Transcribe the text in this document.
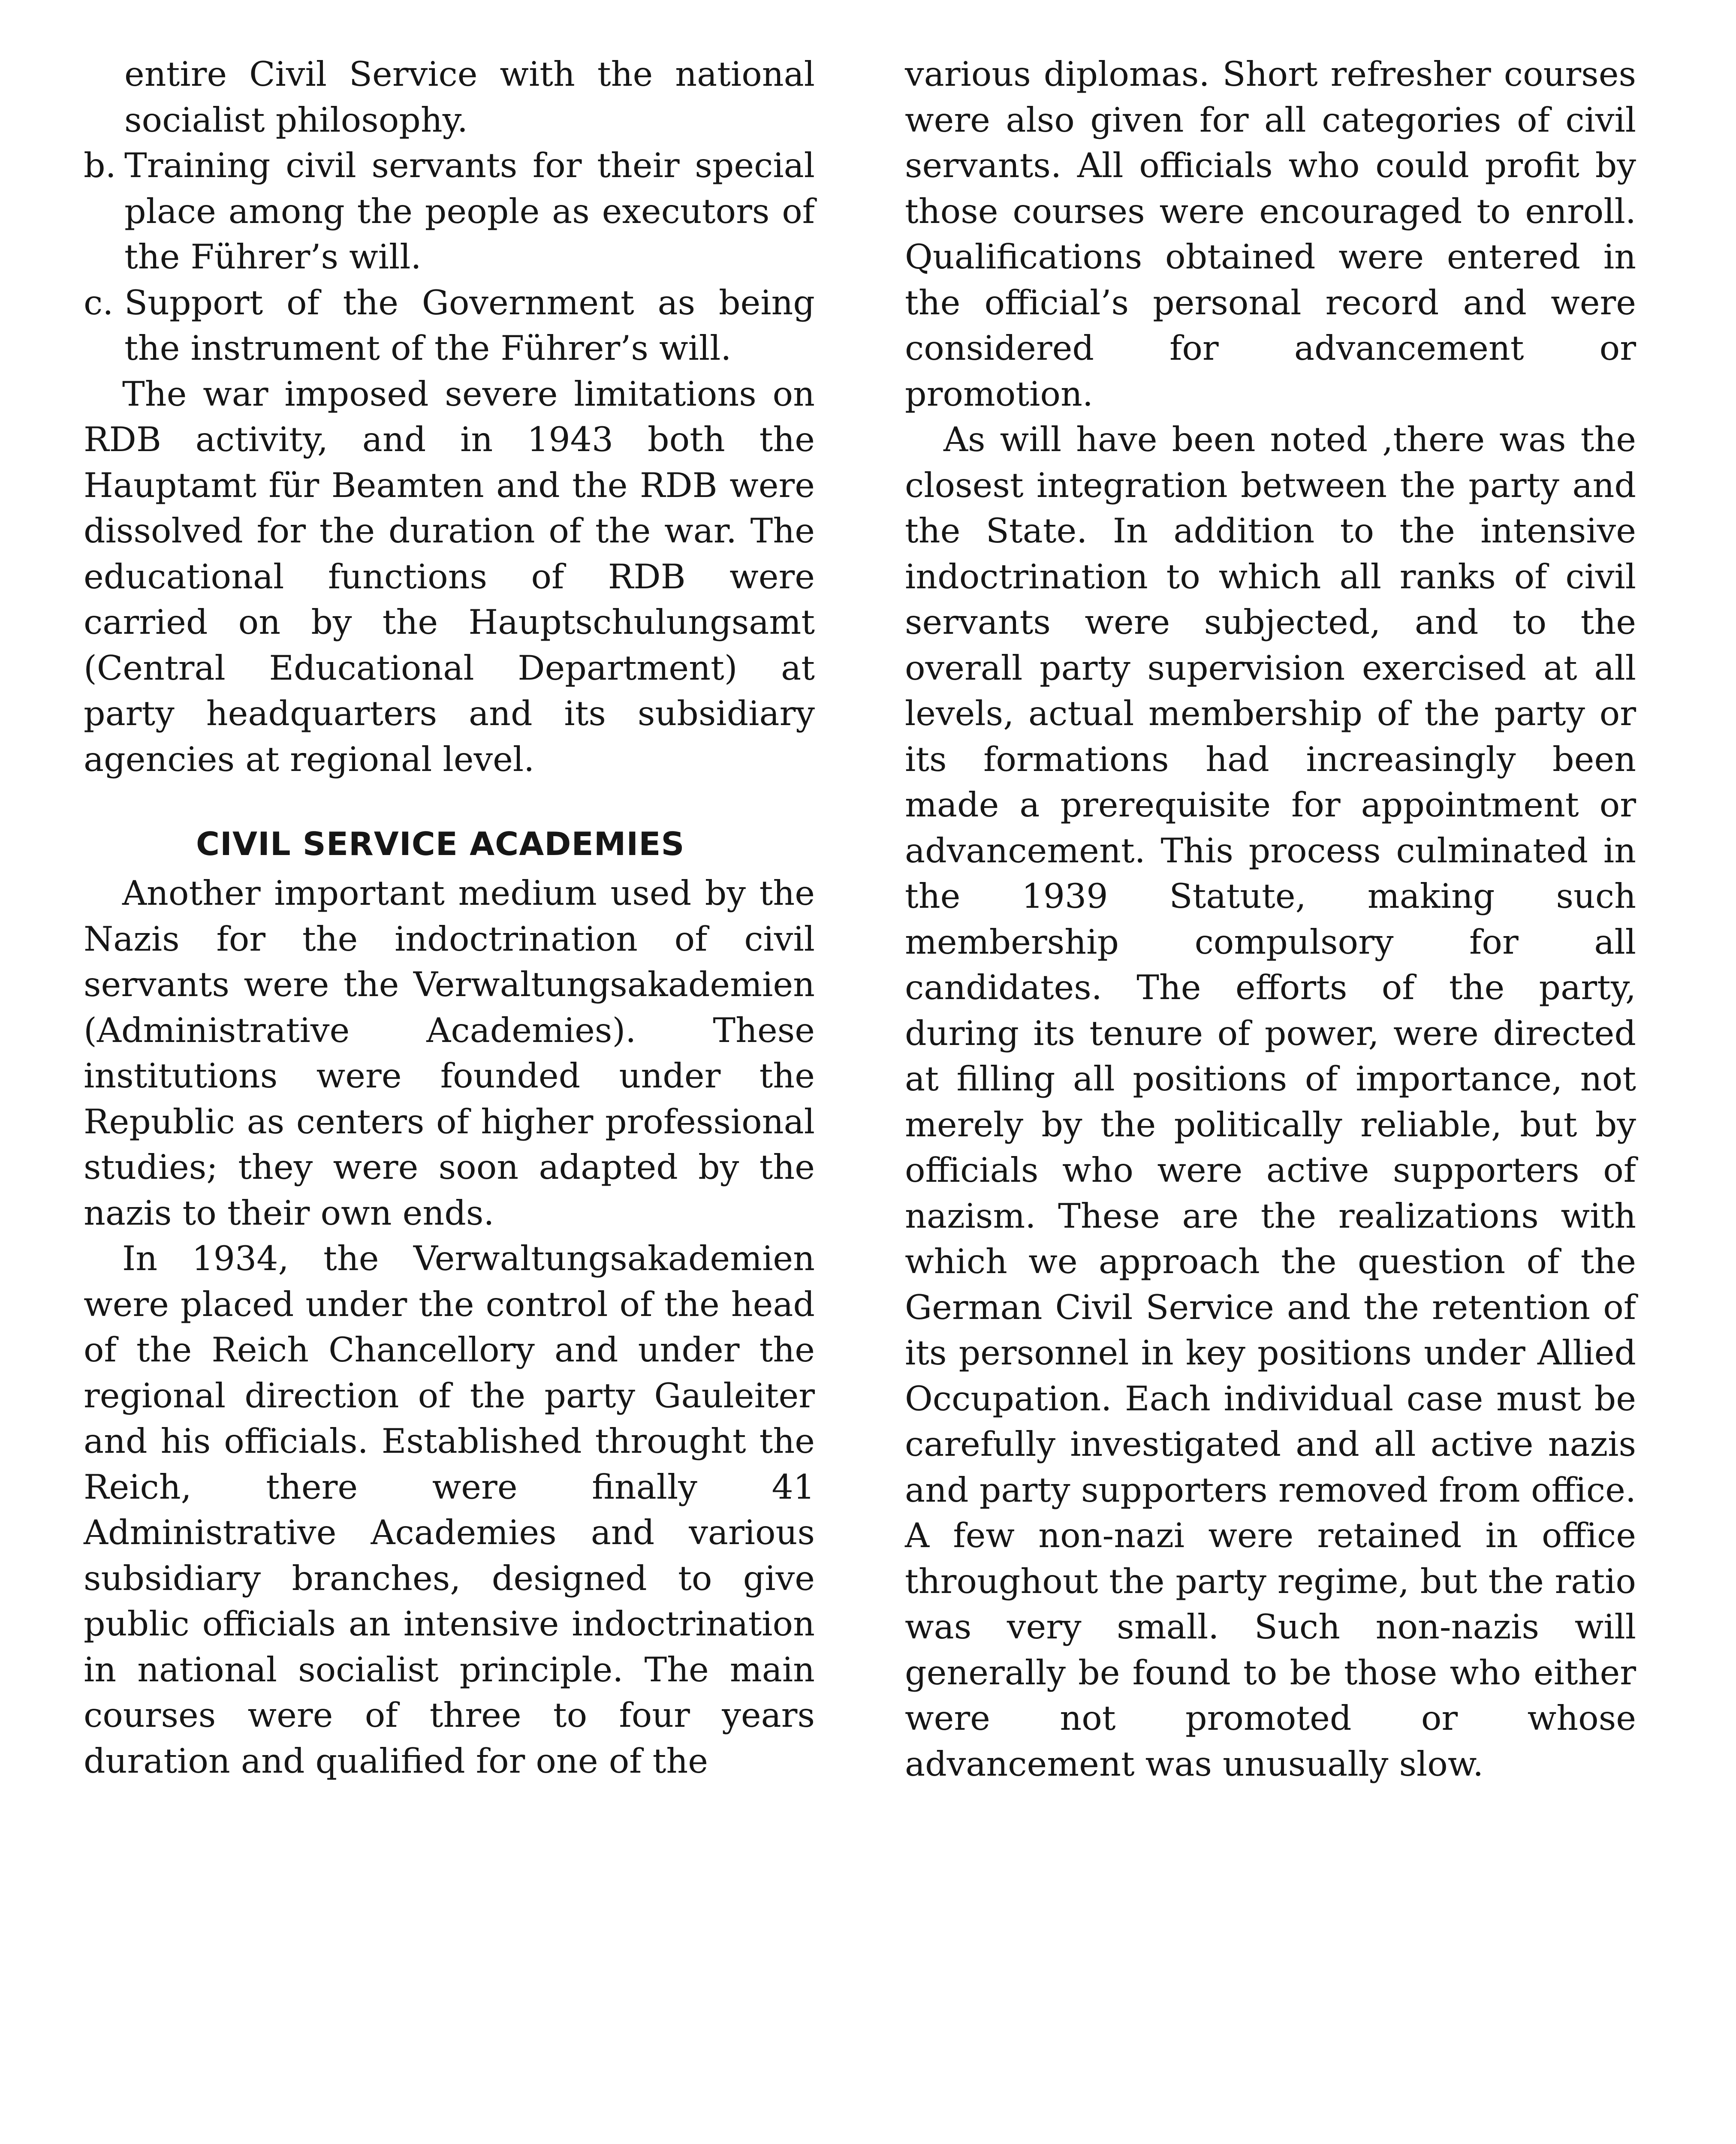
entire Civil Service with the national socialist philosophy.
b. Training civil servants for their special place among the people as executors of the Führer’s will.
c. Support of the Government as being the instrument of the Führer’s will.

The war imposed severe limitations on RDB activity, and in 1943 both the Hauptamt für Beamten and the RDB were dissolved for the duration of the war. The educational functions of RDB were carried on by the Hauptschulungsamt (Central Educational Department) at party headquarters and its subsidiary agencies at regional level.

CIVIL SERVICE ACADEMIES

Another important medium used by the Nazis for the indoctrination of civil servants were the Verwaltungsakademien (Administrative Academies). These institutions were founded under the Republic as centers of higher professional studies; they were soon adapted by the nazis to their own ends.

In 1934, the Verwaltungsakademien were placed under the control of the head of the Reich Chancellory and under the regional direction of the party Gauleiter and his officials. Established throught the Reich, there were finally 41 Administrative Academies and various subsidiary branches, designed to give public officials an intensive indoctrination in national socialist principle. The main courses were of three to four years duration and qualified for one of the

various diplomas. Short refresher courses were also given for all categories of civil servants. All officials who could profit by those courses were encouraged to enroll. Qualifications obtained were entered in the official’s personal record and were considered for advancement or promotion.

As will have been noted ,there was the closest integration between the party and the State. In addition to the intensive indoctrination to which all ranks of civil servants were subjected, and to the overall party supervision exercised at all levels, actual membership of the party or its formations had increasingly been made a prerequisite for appointment or advancement. This process culminated in the 1939 Statute, making such membership compulsory for all candidates. The efforts of the party, during its tenure of power, were directed at filling all positions of importance, not merely by the politically reliable, but by officials who were active supporters of nazism. These are the realizations with which we approach the question of the German Civil Service and the retention of its personnel in key positions under Allied Occupation. Each individual case must be carefully investigated and all active nazis and party supporters removed from office. A few non-nazi were retained in office throughout the party regime, but the ratio was very small. Such non-nazis will generally be found to be those who either were not promoted or whose advancement was unusually slow.
